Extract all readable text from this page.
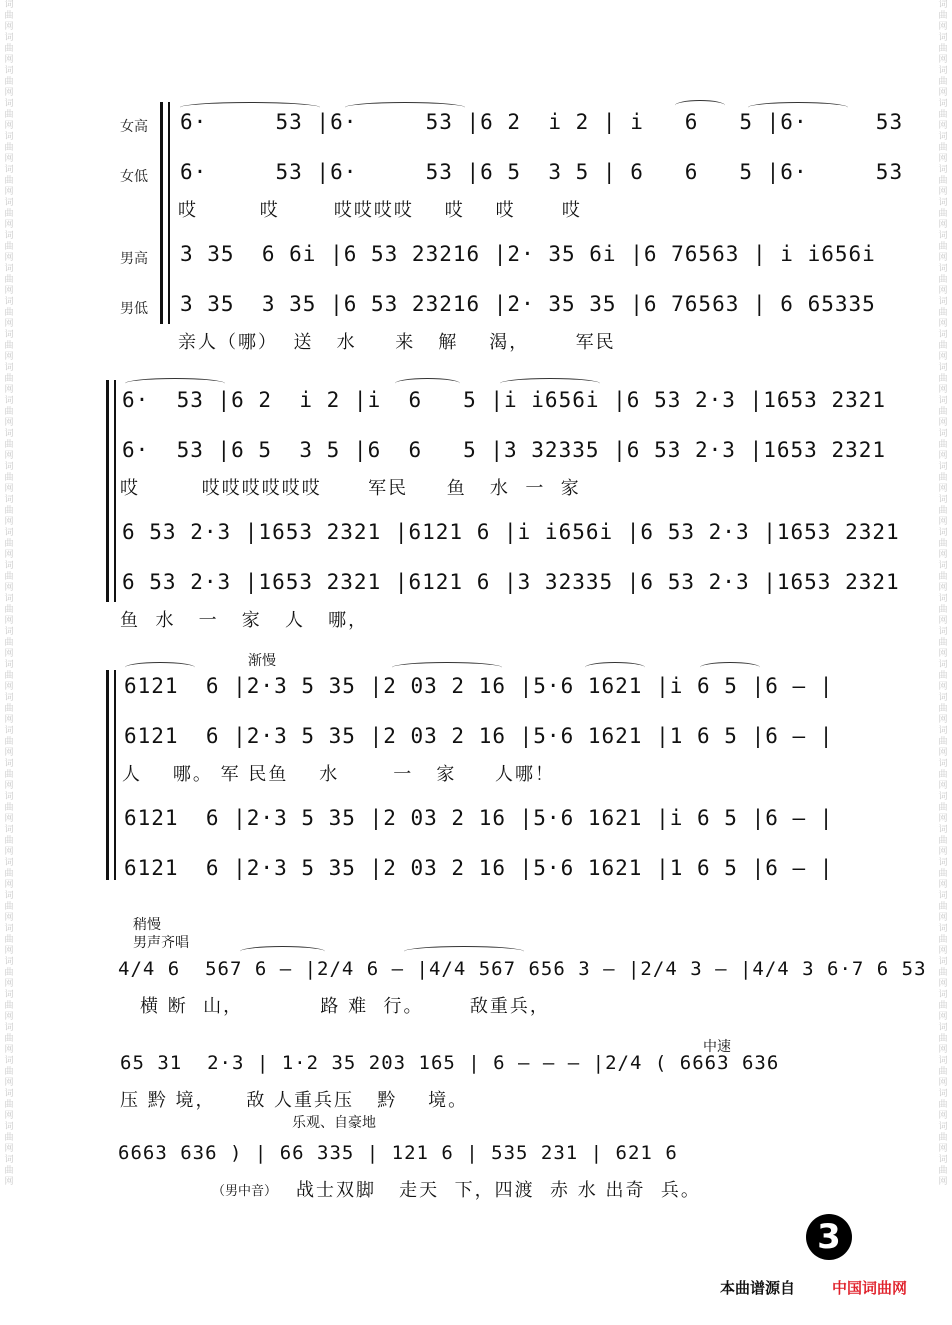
词曲网词曲网词曲网词曲网词曲网词曲网词曲网词曲网词曲网词曲网词曲网词曲网词曲网词曲网词曲网词曲网词曲网词曲网词曲网词曲网词曲网词曲网词曲网词曲网词曲网词曲网词曲网词曲网词曲网词曲网词曲网词曲网词曲网词曲网词曲网词曲网
词曲网词曲网词曲网词曲网词曲网词曲网词曲网词曲网词曲网词曲网词曲网词曲网词曲网词曲网词曲网词曲网词曲网词曲网词曲网词曲网词曲网词曲网词曲网词曲网词曲网词曲网词曲网词曲网词曲网词曲网词曲网词曲网词曲网词曲网词曲网词曲网
女高	6·     53 |6·     53 |6 2  i 2 | i   6   5 |6·     53
女低	6·     53 |6·     53 |6 5  3 5 | 6   6   5 |6·     53
哎        哎       哎哎哎哎    哎    哎      哎
男高	3 35  6 6i |6 53 23216 |2· 35 6i |6 76563 | i i656i
男低	3 35  3 35 |6 53 23216 |2· 35 35 |6 76563 | 6 65335
亲人（哪）  送   水     来   解    渴，      军民
6·  53 |6 2  i 2 |i  6   5 |i i656i |6 53 2·3 |1653 2321
6·  53 |6 5  3 5 |6  6   5 |3 32335 |6 53 2·3 |1653 2321
哎        哎哎哎哎哎哎      军民     鱼   水  一  家
6 53 2·3 |1653 2321 |6121 6 |i i656i |6 53 2·3 |1653 2321
6 53 2·3 |1653 2321 |6121 6 |3 32335 |6 53 2·3 |1653 2321
鱼  水   一   家   人   哪，
渐慢
6121  6 |2·3 5 35 |2 03 2 16 |5·6 1621 |i 6 5 |6 — |
6121  6 |2·3 5 35 |2 03 2 16 |5·6 1621 |1 6 5 |6 — |
人    哪。 军 民鱼    水       一   家     人哪！
6121  6 |2·3 5 35 |2 03 2 16 |5·6 1621 |i 6 5 |6 — |
6121  6 |2·3 5 35 |2 03 2 16 |5·6 1621 |1 6 5 |6 — |
稍慢
男声齐唱
4/4 6  567 6 — |2/4 6 — |4/4 567 656 3 — |2/4 3 — |4/4 3 6·7 6 53
横 断  山，          路 难  行。      敌重兵，
中速
65 31  2·3 | 1·2 35 203 165 | 6 — — — |2/4 ( 6663 636
压 黔 境，    敌 人重兵压   黔    境。
乐观、自豪地
6663 636 ) | 66 335 | 121 6 | 535 231 | 621 6
（男中音） 战士双脚   走天  下，四渡  赤 水 出奇  兵。
3
本曲谱源自 中国词曲网
